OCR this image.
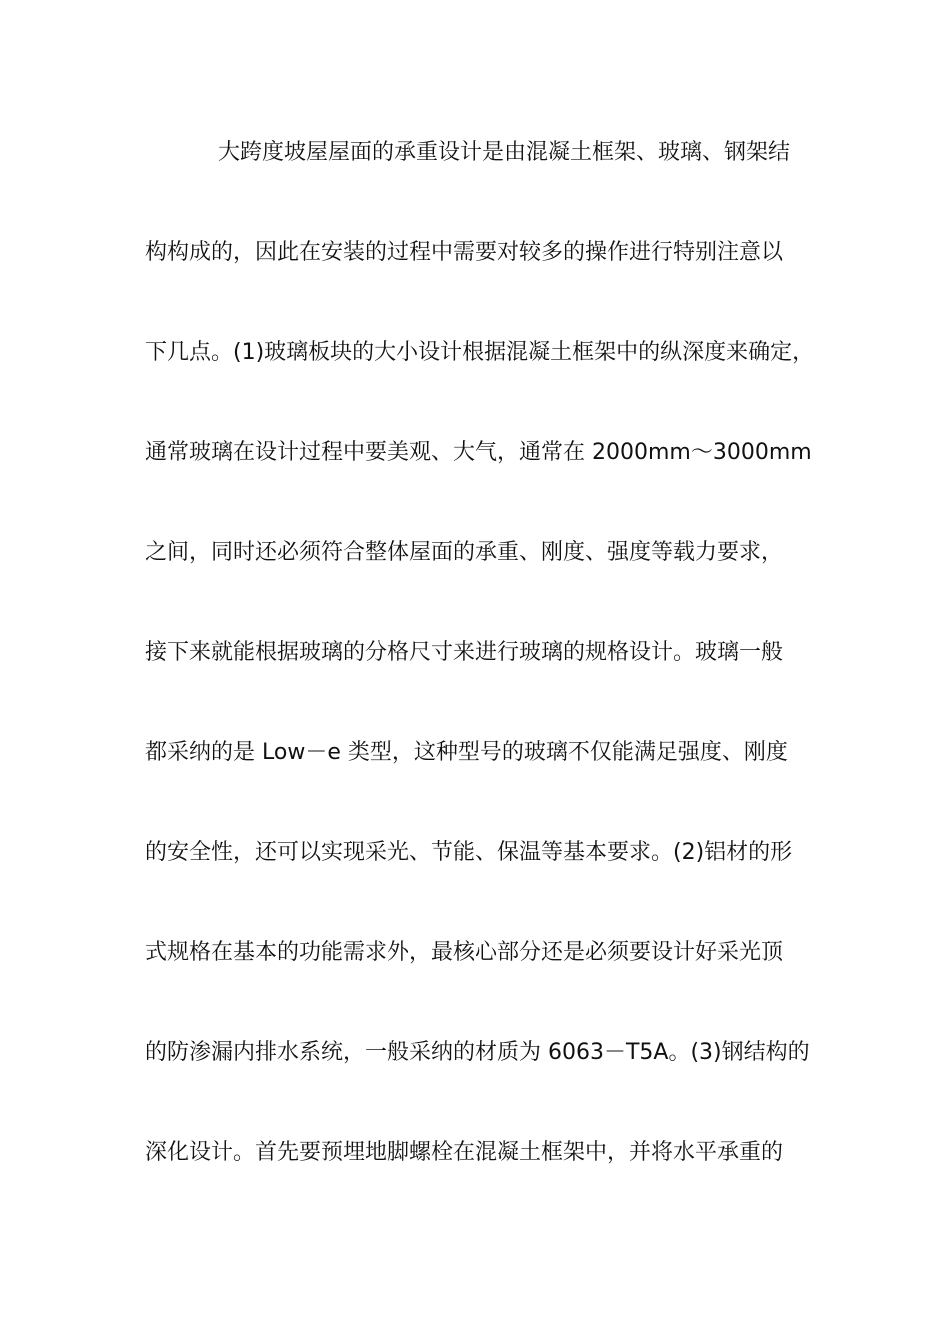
大跨度坡屋屋面的承重设计是由混凝土框架、玻璃、钢架结
构构成的，因此在安装的过程中需要对较多的操作进行特别注意以
下几点。(1)玻璃板块的大小设计根据混凝土框架中的纵深度来确定，
通常玻璃在设计过程中要美观、大气，通常在 2000mm～3000mm
之间，同时还必须符合整体屋面的承重、刚度、强度等载力要求，
接下来就能根据玻璃的分格尺寸来进行玻璃的规格设计。玻璃一般
都采纳的是 Low－e 类型，这种型号的玻璃不仅能满足强度、刚度
的安全性，还可以实现采光、节能、保温等基本要求。(2)铝材的形
式规格在基本的功能需求外，最核心部分还是必须要设计好采光顶
的防渗漏内排水系统，一般采纳的材质为 6063－T5A。(3)钢结构的
深化设计。首先要预埋地脚螺栓在混凝土框架中，并将水平承重的
